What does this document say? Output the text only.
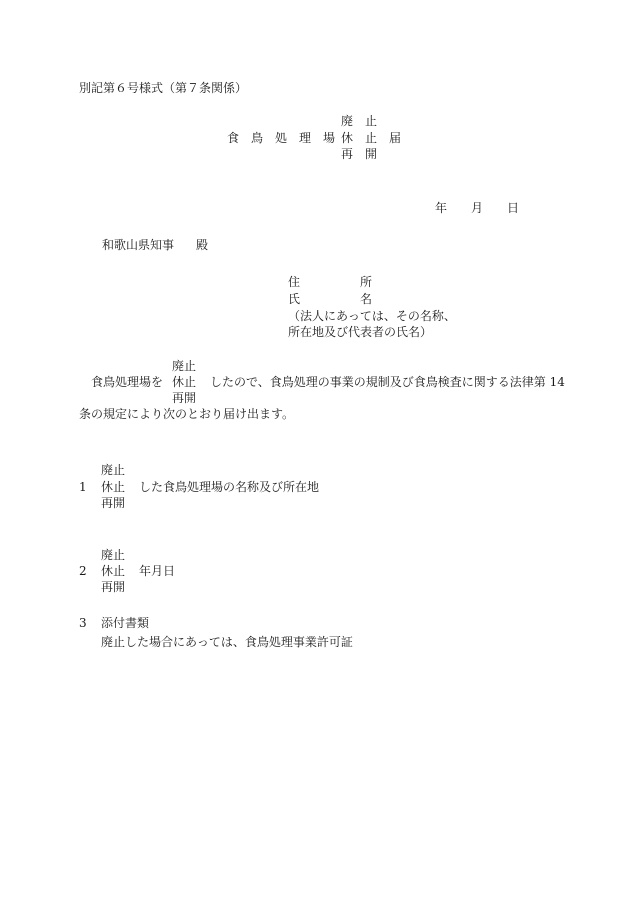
別記第６号様式（第７条関係）
廃　止
食　鳥　処　理　場 休　止　届
再　開
年　　月　　日
和歌山県知事 殿
住　　　　　所
氏　　　　　名
（法人にあっては、その名称、
所在地及び代表者の氏名）
廃止
食鳥処理場を 休止 したので、食鳥処理の事業の規制及び食鳥検査に関する法律第 14
再開
条の規定により次のとおり届け出ます。
廃止
1 休止 した食鳥処理場の名称及び所在地
再開
廃止
2 休止 年月日
再開
3 添付書類
廃止した場合にあっては、食鳥処理事業許可証
